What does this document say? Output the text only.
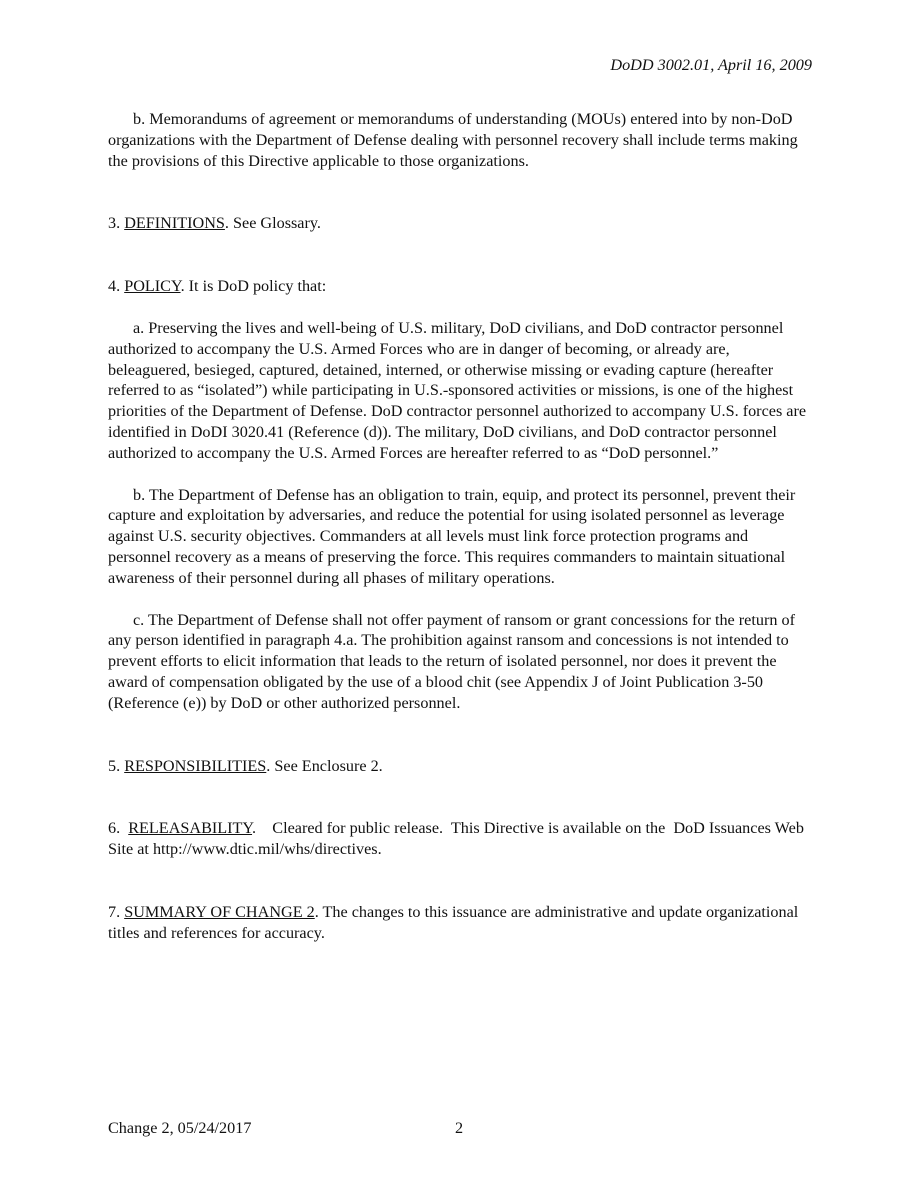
DoDD 3002.01, April 16, 2009

b. Memorandums of agreement or memorandums of understanding (MOUs) entered into by non-DoD organizations with the Department of Defense dealing with personnel recovery shall include terms making the provisions of this Directive applicable to those organizations.

3. DEFINITIONS. See Glossary.

4. POLICY. It is DoD policy that:

a. Preserving the lives and well-being of U.S. military, DoD civilians, and DoD contractor personnel authorized to accompany the U.S. Armed Forces who are in danger of becoming, or already are, beleaguered, besieged, captured, detained, interned, or otherwise missing or evading capture (hereafter referred to as “isolated”) while participating in U.S.-sponsored activities or missions, is one of the highest priorities of the Department of Defense. DoD contractor personnel authorized to accompany U.S. forces are identified in DoDI 3020.41 (Reference (d)). The military, DoD civilians, and DoD contractor personnel authorized to accompany the U.S. Armed Forces are hereafter referred to as “DoD personnel.”

b. The Department of Defense has an obligation to train, equip, and protect its personnel, prevent their capture and exploitation by adversaries, and reduce the potential for using isolated personnel as leverage against U.S. security objectives. Commanders at all levels must link force protection programs and personnel recovery as a means of preserving the force. This requires commanders to maintain situational awareness of their personnel during all phases of military operations.

c. The Department of Defense shall not offer payment of ransom or grant concessions for the return of any person identified in paragraph 4.a. The prohibition against ransom and concessions is not intended to prevent efforts to elicit information that leads to the return of isolated personnel, nor does it prevent the award of compensation obligated by the use of a blood chit (see Appendix J of Joint Publication 3-50 (Reference (e)) by DoD or other authorized personnel.

5. RESPONSIBILITIES. See Enclosure 2.

6.  RELEASABILITY.    Cleared for public release.  This Directive is available on the  DoD Issuances Web Site at http://www.dtic.mil/whs/directives.

7. SUMMARY OF CHANGE 2. The changes to this issuance are administrative and update organizational titles and references for accuracy.

Change 2, 05/24/2017	2
